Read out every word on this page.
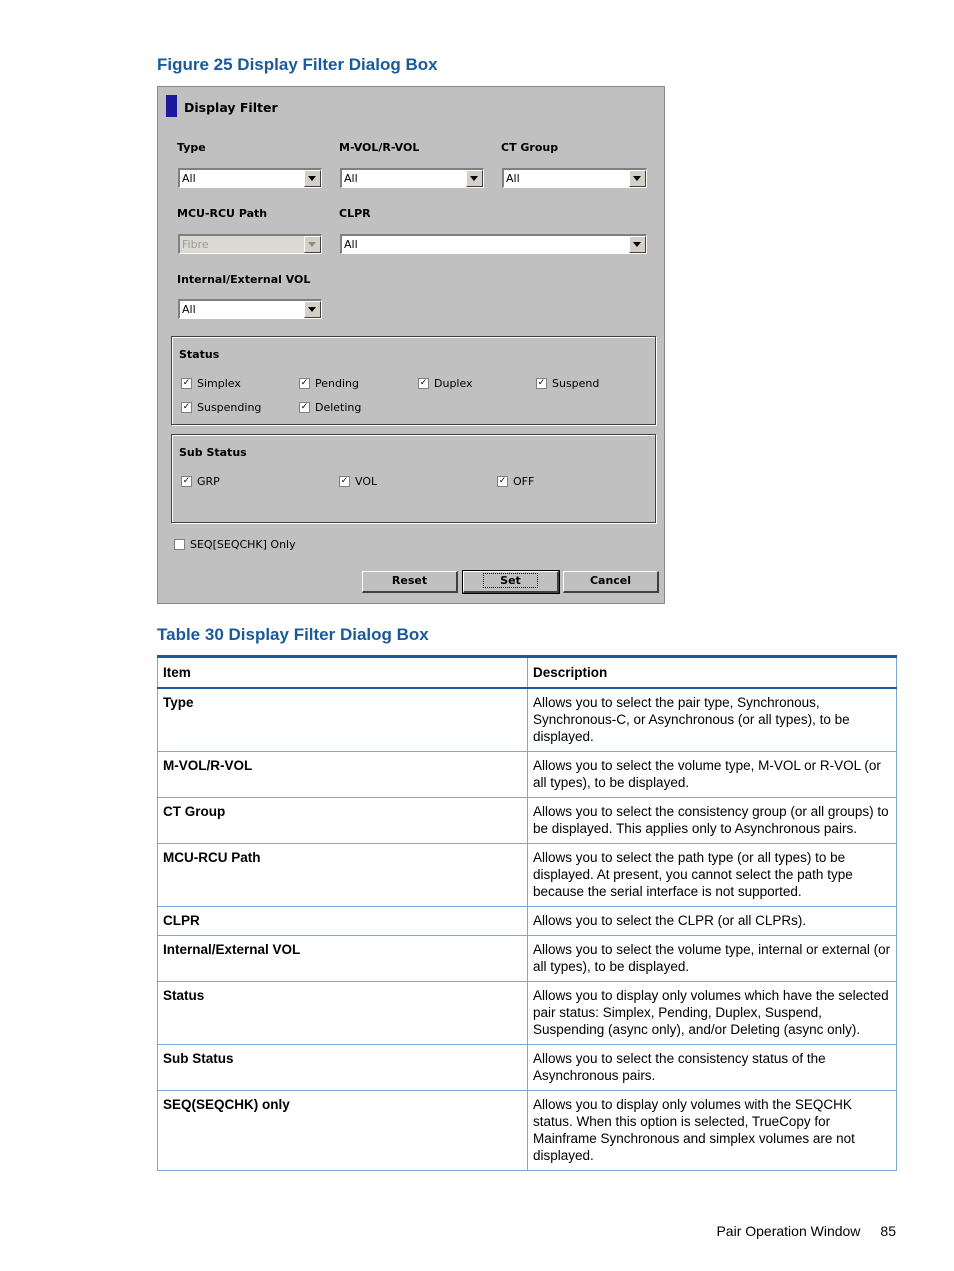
Figure 25 Display Filter Dialog Box
Display Filter
Type
All
M-VOL/R-VOL
All
CT Group
All
MCU-RCU Path
Fibre
CLPR
All
Internal/External VOL
All
Status
✓
Simplex ✓	Pending ✓	Duplex ✓	Suspend
✓
Suspending ✓	Deleting
Sub Status
✓
GRP ✓	VOL ✓	OFF
SEQ[SEQCHK] Only
Reset	Set	Cancel
Table 30 Display Filter Dialog Box
Item	Description
Type	Allows you to select the pair type, Synchronous, Synchronous-C, or Asynchronous (or all types), to be displayed.
M-VOL/R-VOL	Allows you to select the volume type, M-VOL or R-VOL (or all types), to be displayed.
CT Group	Allows you to select the consistency group (or all groups) to be displayed. This applies only to Asynchronous pairs.
MCU-RCU Path	Allows you to select the path type (or all types) to be displayed. At present, you cannot select the path type because the serial interface is not supported.
CLPR	Allows you to select the CLPR (or all CLPRs).
Internal/External VOL	Allows you to select the volume type, internal or external (or all types), to be displayed.
Status	Allows you to display only volumes which have the selected pair status: Simplex, Pending, Duplex, Suspend, Suspending (async only), and/or Deleting (async only).
Sub Status	Allows you to select the consistency status of the Asynchronous pairs.
SEQ(SEQCHK) only	Allows you to display only volumes with the SEQCHK status. When this option is selected, TrueCopy for Mainframe Synchronous and simplex volumes are not displayed.
Pair Operation Window 85
